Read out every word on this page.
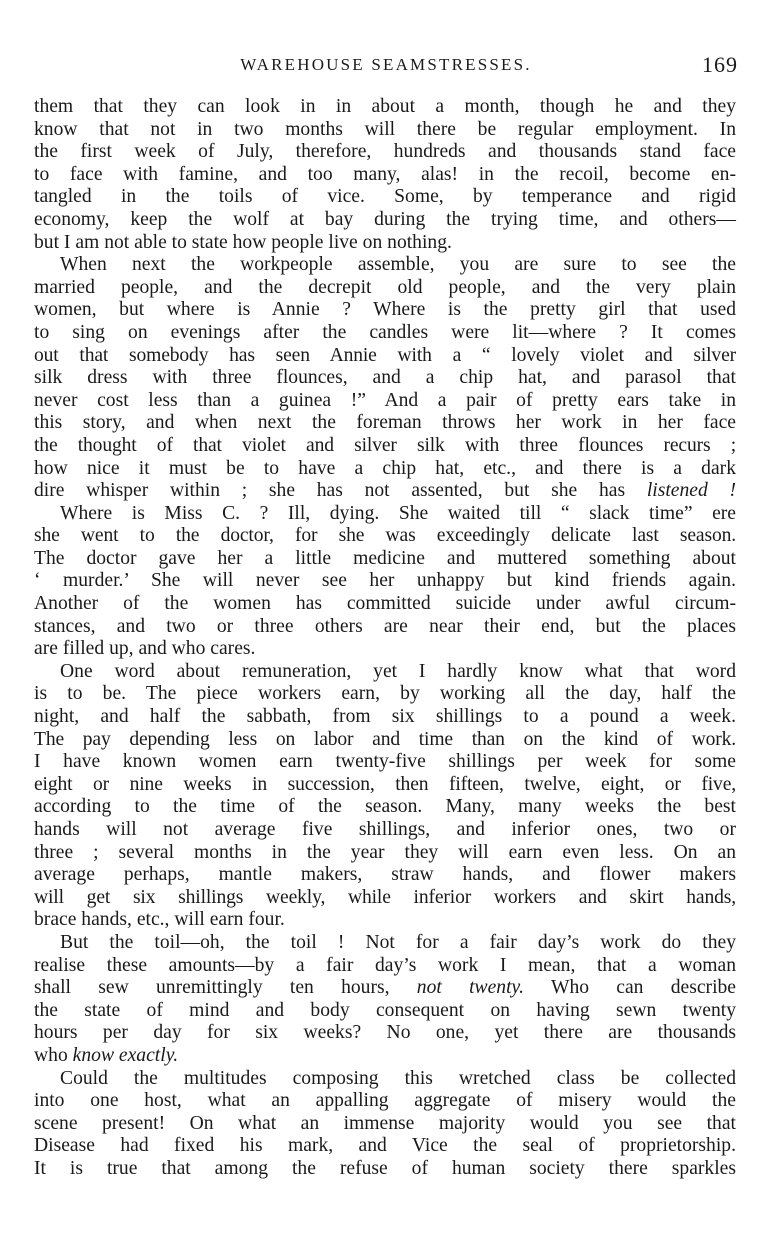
WAREHOUSE SEAMSTRESSES.	169
them that they can look in in about a month, though he and they
know that not in two months will there be regular employment. In
the first week of July, therefore, hundreds and thousands stand face
to face with famine, and too many, alas! in the recoil, become en-
tangled in the toils of vice. Some, by temperance and rigid
economy, keep the wolf at bay during the trying time, and others—
but I am not able to state how people live on nothing.
When next the workpeople assemble, you are sure to see the
married people, and the decrepit old people, and the very plain
women, but where is Annie ? Where is the pretty girl that used
to sing on evenings after the candles were lit—where ? It comes
out that somebody has seen Annie with a “ lovely violet and silver
silk dress with three flounces, and a chip hat, and parasol that
never cost less than a guinea !” And a pair of pretty ears take in
this story, and when next the foreman throws her work in her face
the thought of that violet and silver silk with three flounces recurs ;
how nice it must be to have a chip hat, etc., and there is a dark
dire whisper within ; she has not assented, but she has listened !
Where is Miss C. ? Ill, dying. She waited till “ slack time” ere
she went to the doctor, for she was exceedingly delicate last season.
The doctor gave her a little medicine and muttered something about
‘ murder.’ She will never see her unhappy but kind friends again.
Another of the women has committed suicide under awful circum-
stances, and two or three others are near their end, but the places
are filled up, and who cares.
One word about remuneration, yet I hardly know what that word
is to be. The piece workers earn, by working all the day, half the
night, and half the sabbath, from six shillings to a pound a week.
The pay depending less on labor and time than on the kind of work.
I have known women earn twenty-five shillings per week for some
eight or nine weeks in succession, then fifteen, twelve, eight, or five,
according to the time of the season. Many, many weeks the best
hands will not average five shillings, and inferior ones, two or
three ; several months in the year they will earn even less. On an
average perhaps, mantle makers, straw hands, and flower makers
will get six shillings weekly, while inferior workers and skirt hands,
brace hands, etc., will earn four.
But the toil—oh, the toil ! Not for a fair day’s work do they
realise these amounts—by a fair day’s work I mean, that a woman
shall sew unremittingly ten hours, not twenty. Who can describe
the state of mind and body consequent on having sewn twenty
hours per day for six weeks? No one, yet there are thousands
who know exactly.
Could the multitudes composing this wretched class be collected
into one host, what an appalling aggregate of misery would the
scene present! On what an immense majority would you see that
Disease had fixed his mark, and Vice the seal of proprietorship.
It is true that among the refuse of human society there sparkles
